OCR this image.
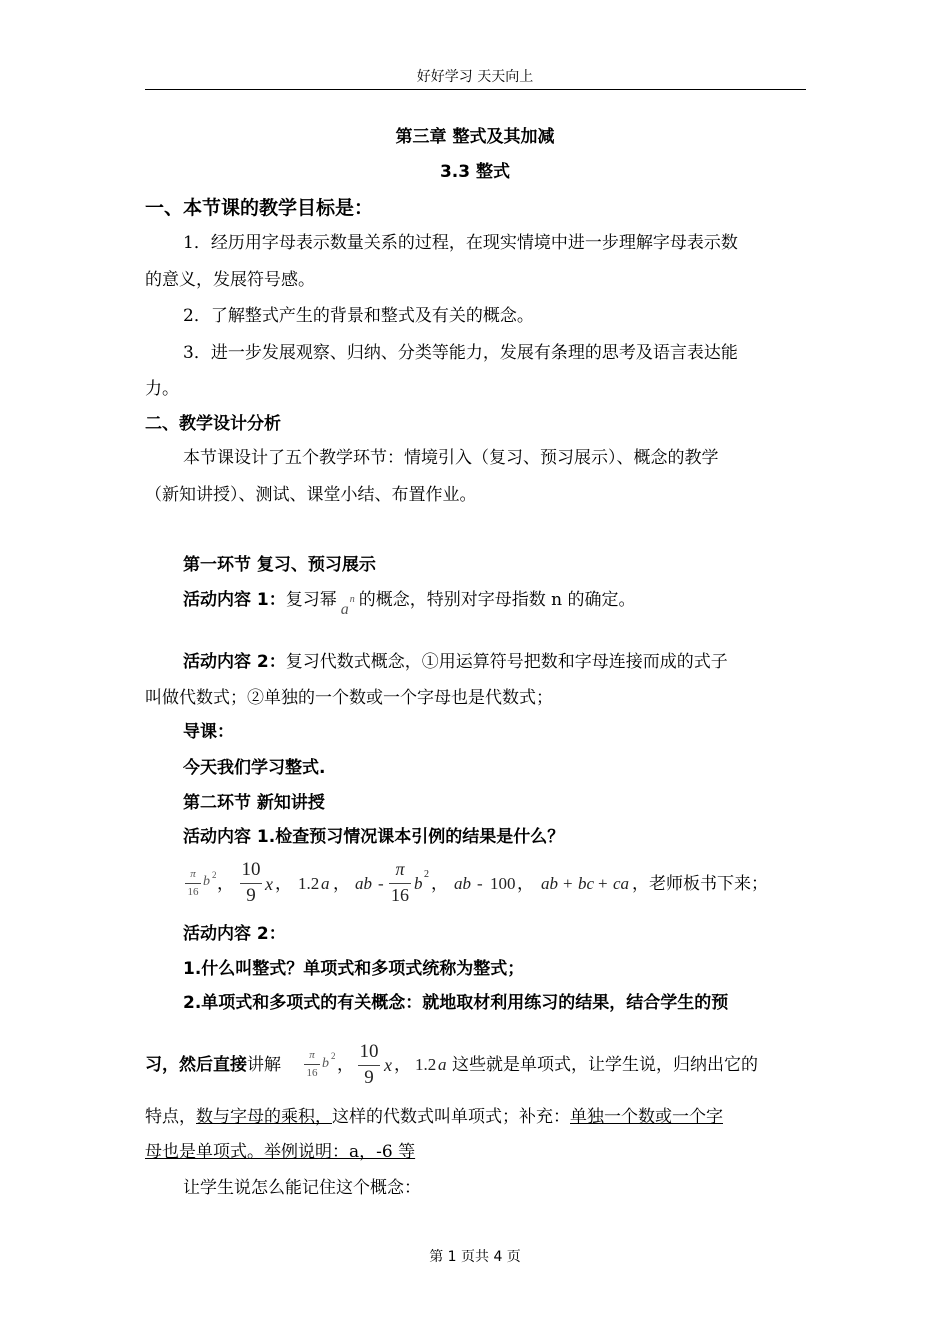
好好学习 天天向上
第三章 整式及其加减
3.3 整式
一、本节课的教学目标是：
1．经历用字母表示数量关系的过程，在现实情境中进一步理解字母表示数
的意义，发展符号感。
2．了解整式产生的背景和整式及有关的概念。
3．进一步发展观察、归纳、分类等能力，发展有条理的思考及语言表达能
力。
二、教学设计分析
本节课设计了五个教学环节：情境引入（复习、预习展示）、概念的教学
（新知讲授）、测试、课堂小结、布置作业。
第一环节 复习、预习展示
活动内容 1：复习幂 a
n 的概念，特别对字母指数 n 的确定。
活动内容 2：复习代数式概念，①用运算符号把数和字母连接而成的式子
叫做代数式；②单独的一个数或一个字母也是代数式；
导课：
今天我们学习整式.
第二环节 新知讲授
活动内容 1.检查预习情况课本引例的结果是什么？
π
16
b 2 ，
10
9
x ， 1.2 a ， ab -
π
16
b 2 ， ab - 100 ， ab + bc + ca ，老师板书下来；
活动内容 2：
1.什么叫整式？单项式和多项式统称为整式；
2.单项式和多项式的有关概念：就地取材利用练习的结果，结合学生的预
习，然后直接讲解	π
16
b 2 ，
10
9
x ， 1.2 a 这些就是单项式，让学生说，归纳出它的
特点，数与字母的乘积，这样的代数式叫单项式；补充：单独一个数或一个字
母也是单项式。举例说明：a，-6 等
让学生说怎么能记住这个概念：
第 1 页共 4 页
